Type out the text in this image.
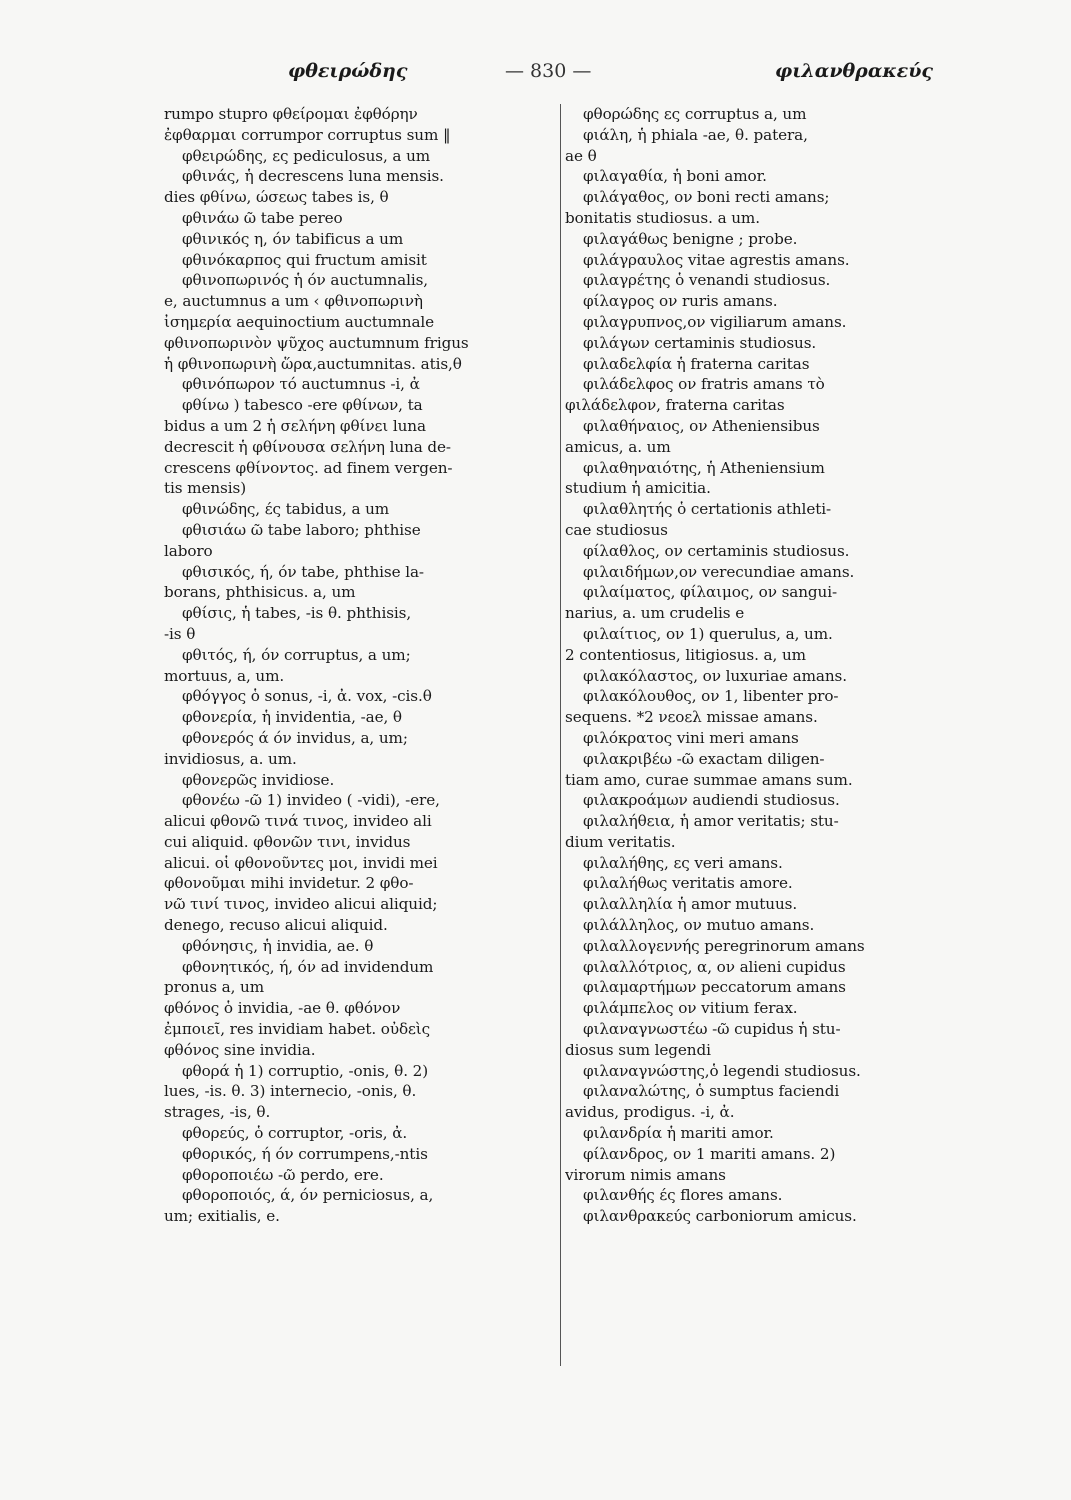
φθειρώδης	— 830 —	φιλανθρακεύς
rumpo stupro φθείρομαι ἐφθόρην
ἐφθαρμαι corrumpor corruptus sum ‖
φθειρώδης, ες pediculosus, a um
φθινάς, ἡ decrescens luna mensis.
dies φθίνω, ώσεως tabes is, θ
φθινάω ῶ tabe pereo
φθινικός η, όν tabificus a um
φθινόκαρπος qui fructum amisit
φθινοπωρινός ἡ όν auctumnalis,
e, auctumnus a um ‹ φθινοπωρινὴ
ἰσημερία aequinoctium auctumnale
φθινοπωρινὸν ψῦχος auctumnum frigus
ἡ φθινοπωρινὴ ὥρα,auctumnitas. atis,θ
φθινόπωρον τό auctumnus -i, ἀ
φθίνω ) tabesco -ere φθίνων, ta
bidus a um 2 ἡ σελήνη φθίνει luna
decrescit ἡ φθίνουσα σελήνη luna de-
crescens φθίνοντος. ad finem vergen-
tis mensis)
φθινώδης, ές tabidus, a um
φθισιάω ῶ tabe laboro; phthise
laboro
φθισικός, ή, όν tabe, phthise la-
borans, phthisicus. a, um
φθίσις, ἡ tabes, -is θ. phthisis,
-is θ
φθιτός, ή, όν corruptus, a um;
mortuus, a, um.
φθόγγος ὁ sonus, -i, ἀ. vox, -cis.θ
φθονερία, ἡ invidentia, -ae, θ
φθονερός ά όν invidus, a, um;
invidiosus, a. um.
φθονερῶς invidiose.
φθονέω -ῶ 1) invideo ( -vidi), -ere,
alicui φθονῶ τινά τινος, invideo ali
cui aliquid. φθονῶν τινι, invidus
alicui. οἱ φθονοῦντες μοι, invidi mei
φθονοῦμαι mihi invidetur. 2 φθο-
νῶ τινί τινος, invideo alicui aliquid;
denego, recuso alicui aliquid.
φθόνησις, ἡ invidia, ae. θ
φθονητικός, ή, όν ad invidendum
pronus a, um
φθόνος ὁ invidia, -ae θ. φθόνον
ἐμποιεῖ, res invidiam habet. οὐδεὶς
φθόνος sine invidia.
φθορά ἡ 1) corruptio, -onis, θ. 2)
lues, -is. θ. 3) internecio, -onis, θ.
strages, -is, θ.
φθορεύς, ὁ corruptor, -oris, ἀ.
φθορικός, ή όν corrumpens,-ntis
φθοροποιέω -ῶ perdo, ere.
φθοροποιός, ά, όν perniciosus, a,
um; exitialis, e.
φθορώδης ες corruptus a, um
φιάλη, ἡ phiala -ae, θ. patera,
ae θ
φιλαγαθία, ἡ boni amor.
φιλάγαθος, ον boni recti amans;
bonitatis studiosus. a um.
φιλαγάθως benigne ; probe.
φιλάγραυλος vitae agrestis amans.
φιλαγρέτης ὁ venandi studiosus.
φίλαγρος ον ruris amans.
φιλαγρυπνος,ον vigiliarum amans.
φιλάγων certaminis studiosus.
φιλαδελφία ἡ fraterna caritas
φιλάδελφος ον fratris amans τὸ
φιλάδελφον, fraterna caritas
φιλαθήναιος, ον Atheniensibus
amicus, a. um
φιλαθηναιότης, ἡ Atheniensium
studium ἡ amicitia.
φιλαθλητής ὁ certationis athleti-
cae studiosus
φίλαθλος, ον certaminis studiosus.
φιλαιδήμων,ον verecundiae amans.
φιλαίματος, φίλαιμος, ον sangui-
narius, a. um crudelis e
φιλαίτιος, ον 1) querulus, a, um.
2 contentiosus, litigiosus. a, um
φιλακόλαστος, ον luxuriae amans.
φιλακόλουθος, ον 1, libenter pro-
sequens. *2 νεοελ missae amans.
φιλόκρατος vini meri amans
φιλακριβέω -ῶ exactam diligen-
tiam amo, curae summae amans sum.
φιλακροάμων audiendi studiosus.
φιλαλήθεια, ἡ amor veritatis; stu-
dium veritatis.
φιλαλήθης, ες veri amans.
φιλαλήθως veritatis amore.
φιλαλληλία ἡ amor mutuus.
φιλάλληλος, ον mutuo amans.
φιλαλλογεννής peregrinorum amans
φιλαλλότριος, α, ον alieni cupidus
φιλαμαρτήμων peccatorum amans
φιλάμπελος ον vitium ferax.
φιλαναγνωστέω -ῶ cupidus ἡ stu-
diosus sum legendi
φιλαναγνώστης,ὁ legendi studiosus.
φιλαναλώτης, ὁ sumptus faciendi
avidus, prodigus. -i, ἀ.
φιλανδρία ἡ mariti amor.
φίλανδρος, ον 1 mariti amans. 2)
virorum nimis amans
φιλανθής ές flores amans.
φιλανθρακεύς carboniorum amicus.
